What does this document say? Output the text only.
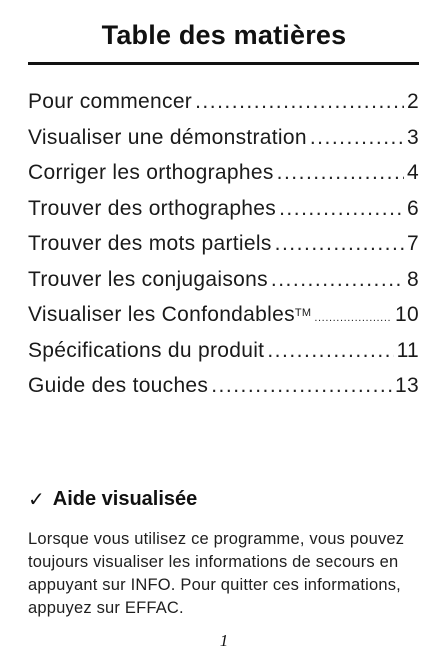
Table des matières
Pour commencer .....	2
Visualiser une démonstration .....	3
Corriger les orthographes .....	4
Trouver des orthographes .....	6
Trouver des mots partiels .....	7
Trouver les conjugaisons .....	8
Visualiser les Confondables™ .....	10
Spécifications du produit .....	11
Guide des touches .....	13
✓ Aide visualisée

Lorsque vous utilisez ce programme, vous pouvez toujours visualiser les informations de secours en appuyant sur INFO. Pour quitter ces informations, appuyez sur EFFAC.

1
